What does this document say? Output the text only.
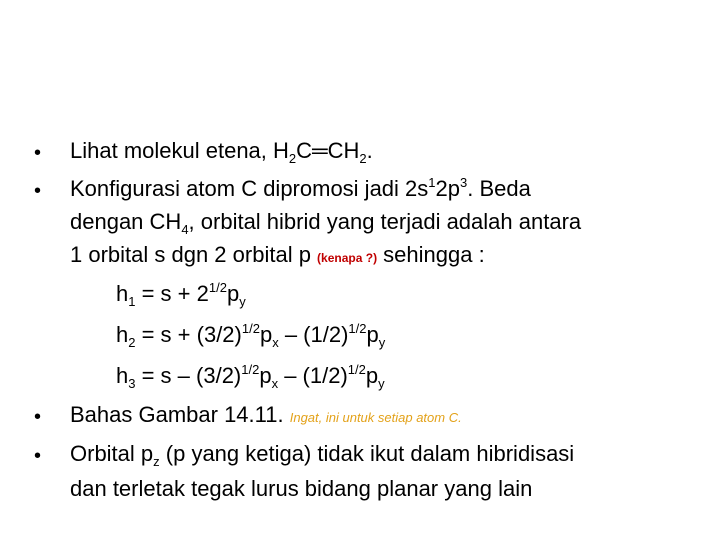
• Lihat molekul etena, $H_2C═CH_2$.
• Konfigurasi atom C dipromosi jadi $2s^12p^3$. Beda
dengan $CH_4$, orbital hibrid yang terjadi adalah antara
1 orbital s dgn 2 orbital p (kenapa ?) sehingga :
$h_1 = s + 2^{1/2}p_y$
$h_2 = s + (3/2)^{1/2}p_x - (1/2)^{1/2}p_y$
$h_3 = s - (3/2)^{1/2}p_x - (1/2)^{1/2}p_y$
• Bahas Gambar 14.11. Ingat, ini untuk setiap atom C.
• Orbital $p_z$ (p yang ketiga) tidak ikut dalam hibridisasi
dan terletak tegak lurus bidang planar yang lain
